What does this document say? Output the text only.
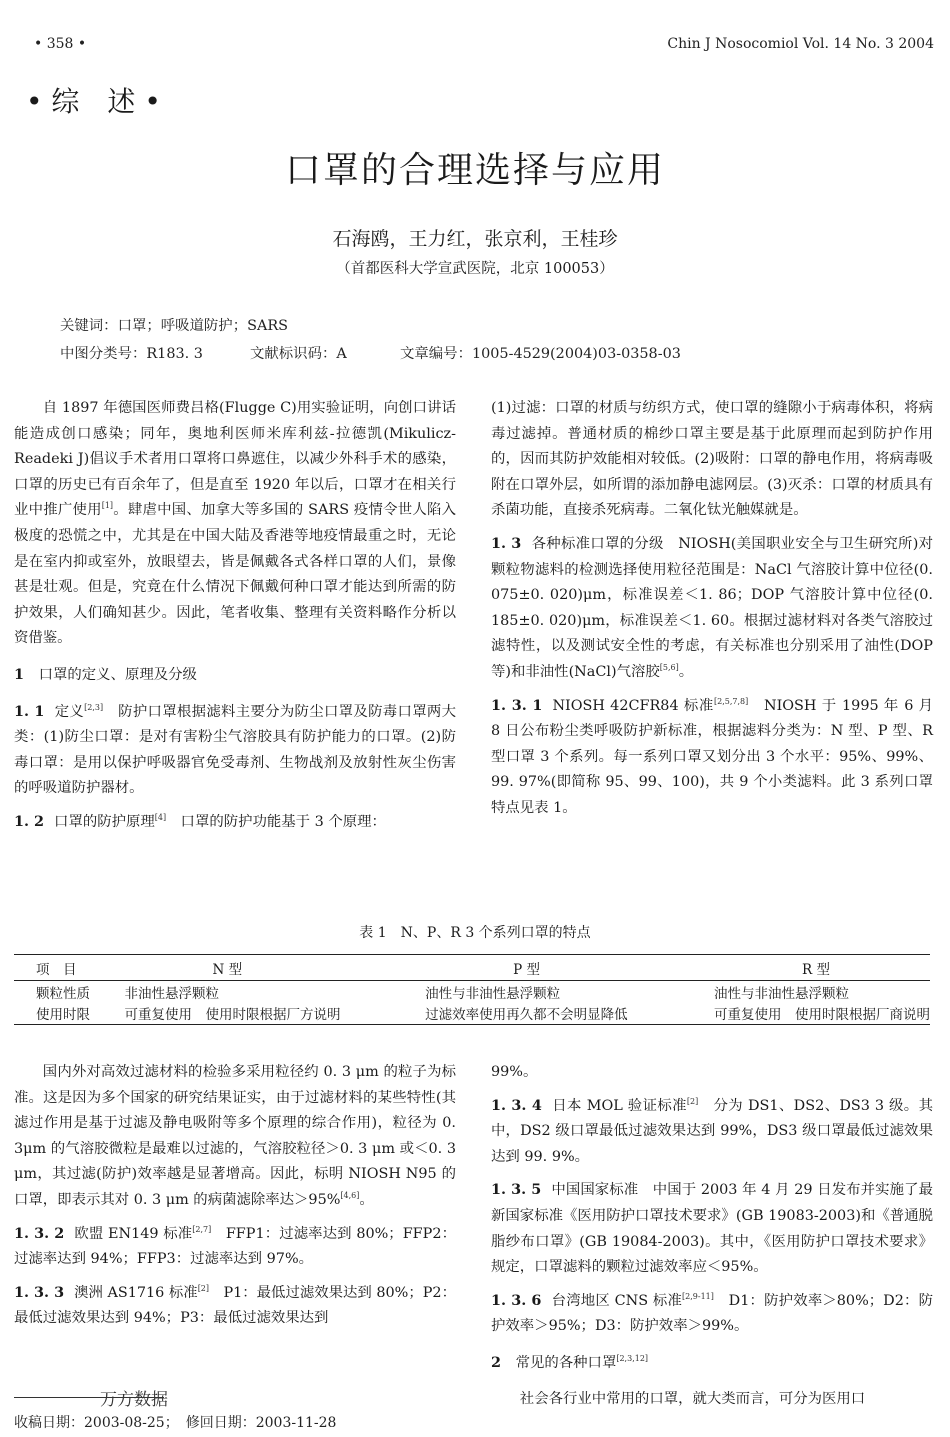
• 358 •	Chin J Nosocomiol Vol. 14 No. 3 2004
• 综　述 •
口罩的合理选择与应用
石海鸥，王力红，张京利，王桂珍
（首都医科大学宣武医院，北京 100053）
关键词：口罩；呼吸道防护；SARS
中图分类号：R183. 3	文献标识码：A	文章编号：1005-4529(2004)03-0358-03

自 1897 年德国医师费吕格(Flugge C)用实验证明，向创口讲话能造成创口感染；同年，奥地利医师米库利兹-拉德凯(Mikulicz-Readeki J)倡议手术者用口罩将口鼻遮住，以减少外科手术的感染，口罩的历史已有百余年了，但是直至 1920 年以后，口罩才在相关行业中推广使用[1]。肆虐中国、加拿大等多国的 SARS 疫情令世人陷入极度的恐慌之中，尤其是在中国大陆及香港等地疫情最重之时，无论是在室内抑或室外，放眼望去，皆是佩戴各式各样口罩的人们，景像甚是壮观。但是，究竟在什么情况下佩戴何种口罩才能达到所需的防护效果，人们确知甚少。因此，笔者收集、整理有关资料略作分析以资借鉴。

1 口罩的定义、原理及分级

1. 1 定义[2,3]　 防护口罩根据滤料主要分为防尘口罩及防毒口罩两大类：(1)防尘口罩：是对有害粉尘气溶胶具有防护能力的口罩。(2)防毒口罩：是用以保护呼吸器官免受毒剂、生物战剂及放射性灰尘伤害的呼吸道防护器材。

1. 2 口罩的防护原理[4]　 口罩的防护功能基于 3 个原理：

(1)过滤：口罩的材质与纺织方式，使口罩的缝隙小于病毒体积，将病毒过滤掉。普通材质的棉纱口罩主要是基于此原理而起到防护作用的，因而其防护效能相对较低。(2)吸附：口罩的静电作用，将病毒吸附在口罩外层，如所谓的添加静电滤网层。(3)灭杀：口罩的材质具有杀菌功能，直接杀死病毒。二氧化钛光触媒就是。

1. 3 各种标准口罩的分级　NIOSH(美国职业安全与卫生研究所)对颗粒物滤料的检测选择使用粒径范围是：NaCl 气溶胶计算中位径(0. 075±0. 020)μm，标准误差＜1. 86；DOP 气溶胶计算中位径(0. 185±0. 020)μm，标准误差＜1. 60。根据过滤材料对各类气溶胶过滤特性，以及测试安全性的考虑，有关标准也分别采用了油性(DOP 等)和非油性(NaCl)气溶胶[5,6]。

1. 3. 1 NIOSH 42CFR84 标准[2,5,7,8]　 NIOSH 于 1995 年 6 月 8 日公布粉尘类呼吸防护新标准，根据滤料分类为：N 型、P 型、R 型口罩 3 个系列。每一系列口罩又划分出 3 个水平：95%、99%、99. 97%(即简称 95、99、100)，共 9 个小类滤料。此 3 系列口罩特点见表 1。

表 1　N、P、R 3 个系列口罩的特点
项　目	N 型	P 型	R 型
颗粒性质	非油性悬浮颗粒	油性与非油性悬浮颗粒	油性与非油性悬浮颗粒
使用时限	可重复使用　使用时限根据厂方说明	过滤效率使用再久都不会明显降低	可重复使用　使用时限根据厂商说明

国内外对高效过滤材料的检验多采用粒径约 0. 3 μm 的粒子为标准。这是因为多个国家的研究结果证实，由于过滤材料的某些特性(其滤过作用是基于过滤及静电吸附等多个原理的综合作用)，粒径为 0. 3μm 的气溶胶微粒是最难以过滤的，气溶胶粒径＞0. 3 μm 或＜0. 3 μm，其过滤(防护)效率越是显著增高。因此，标明 NIOSH N95 的口罩，即表示其对 0. 3 μm 的病菌滤除率达＞95%[4,6]。

1. 3. 2 欧盟 EN149 标准[2,7]　 FFP1：过滤率达到 80%；FFP2：过滤率达到 94%；FFP3：过滤率达到 97%。

1. 3. 3 澳洲 AS1716 标准[2]　 P1：最低过滤效果达到 80%；P2：最低过滤效果达到 94%；P3：最低过滤效果达到

99%。

1. 3. 4 日本 MOL 验证标准[2]　 分为 DS1、DS2、DS3 3 级。其中，DS2 级口罩最低过滤效果达到 99%，DS3 级口罩最低过滤效果达到 99. 9%。

1. 3. 5 中国国家标准　中国于 2003 年 4 月 29 日发布并实施了最新国家标准《医用防护口罩技术要求》(GB 19083-2003)和《普通脱脂纱布口罩》(GB 19084-2003)。其中，《医用防护口罩技术要求》规定，口罩滤料的颗粒过滤效率应＜95%。

1. 3. 6 台湾地区 CNS 标准[2,9-11]　 D1：防护效率＞80%；D2：防护效率＞95%；D3：防护效率＞99%。

2 常见的各种口罩[2,3,12]

社会各行业中常用的口罩，就大类而言，可分为医用口

万方数据
收稿日期：2003-08-25；　修回日期：2003-11-28
